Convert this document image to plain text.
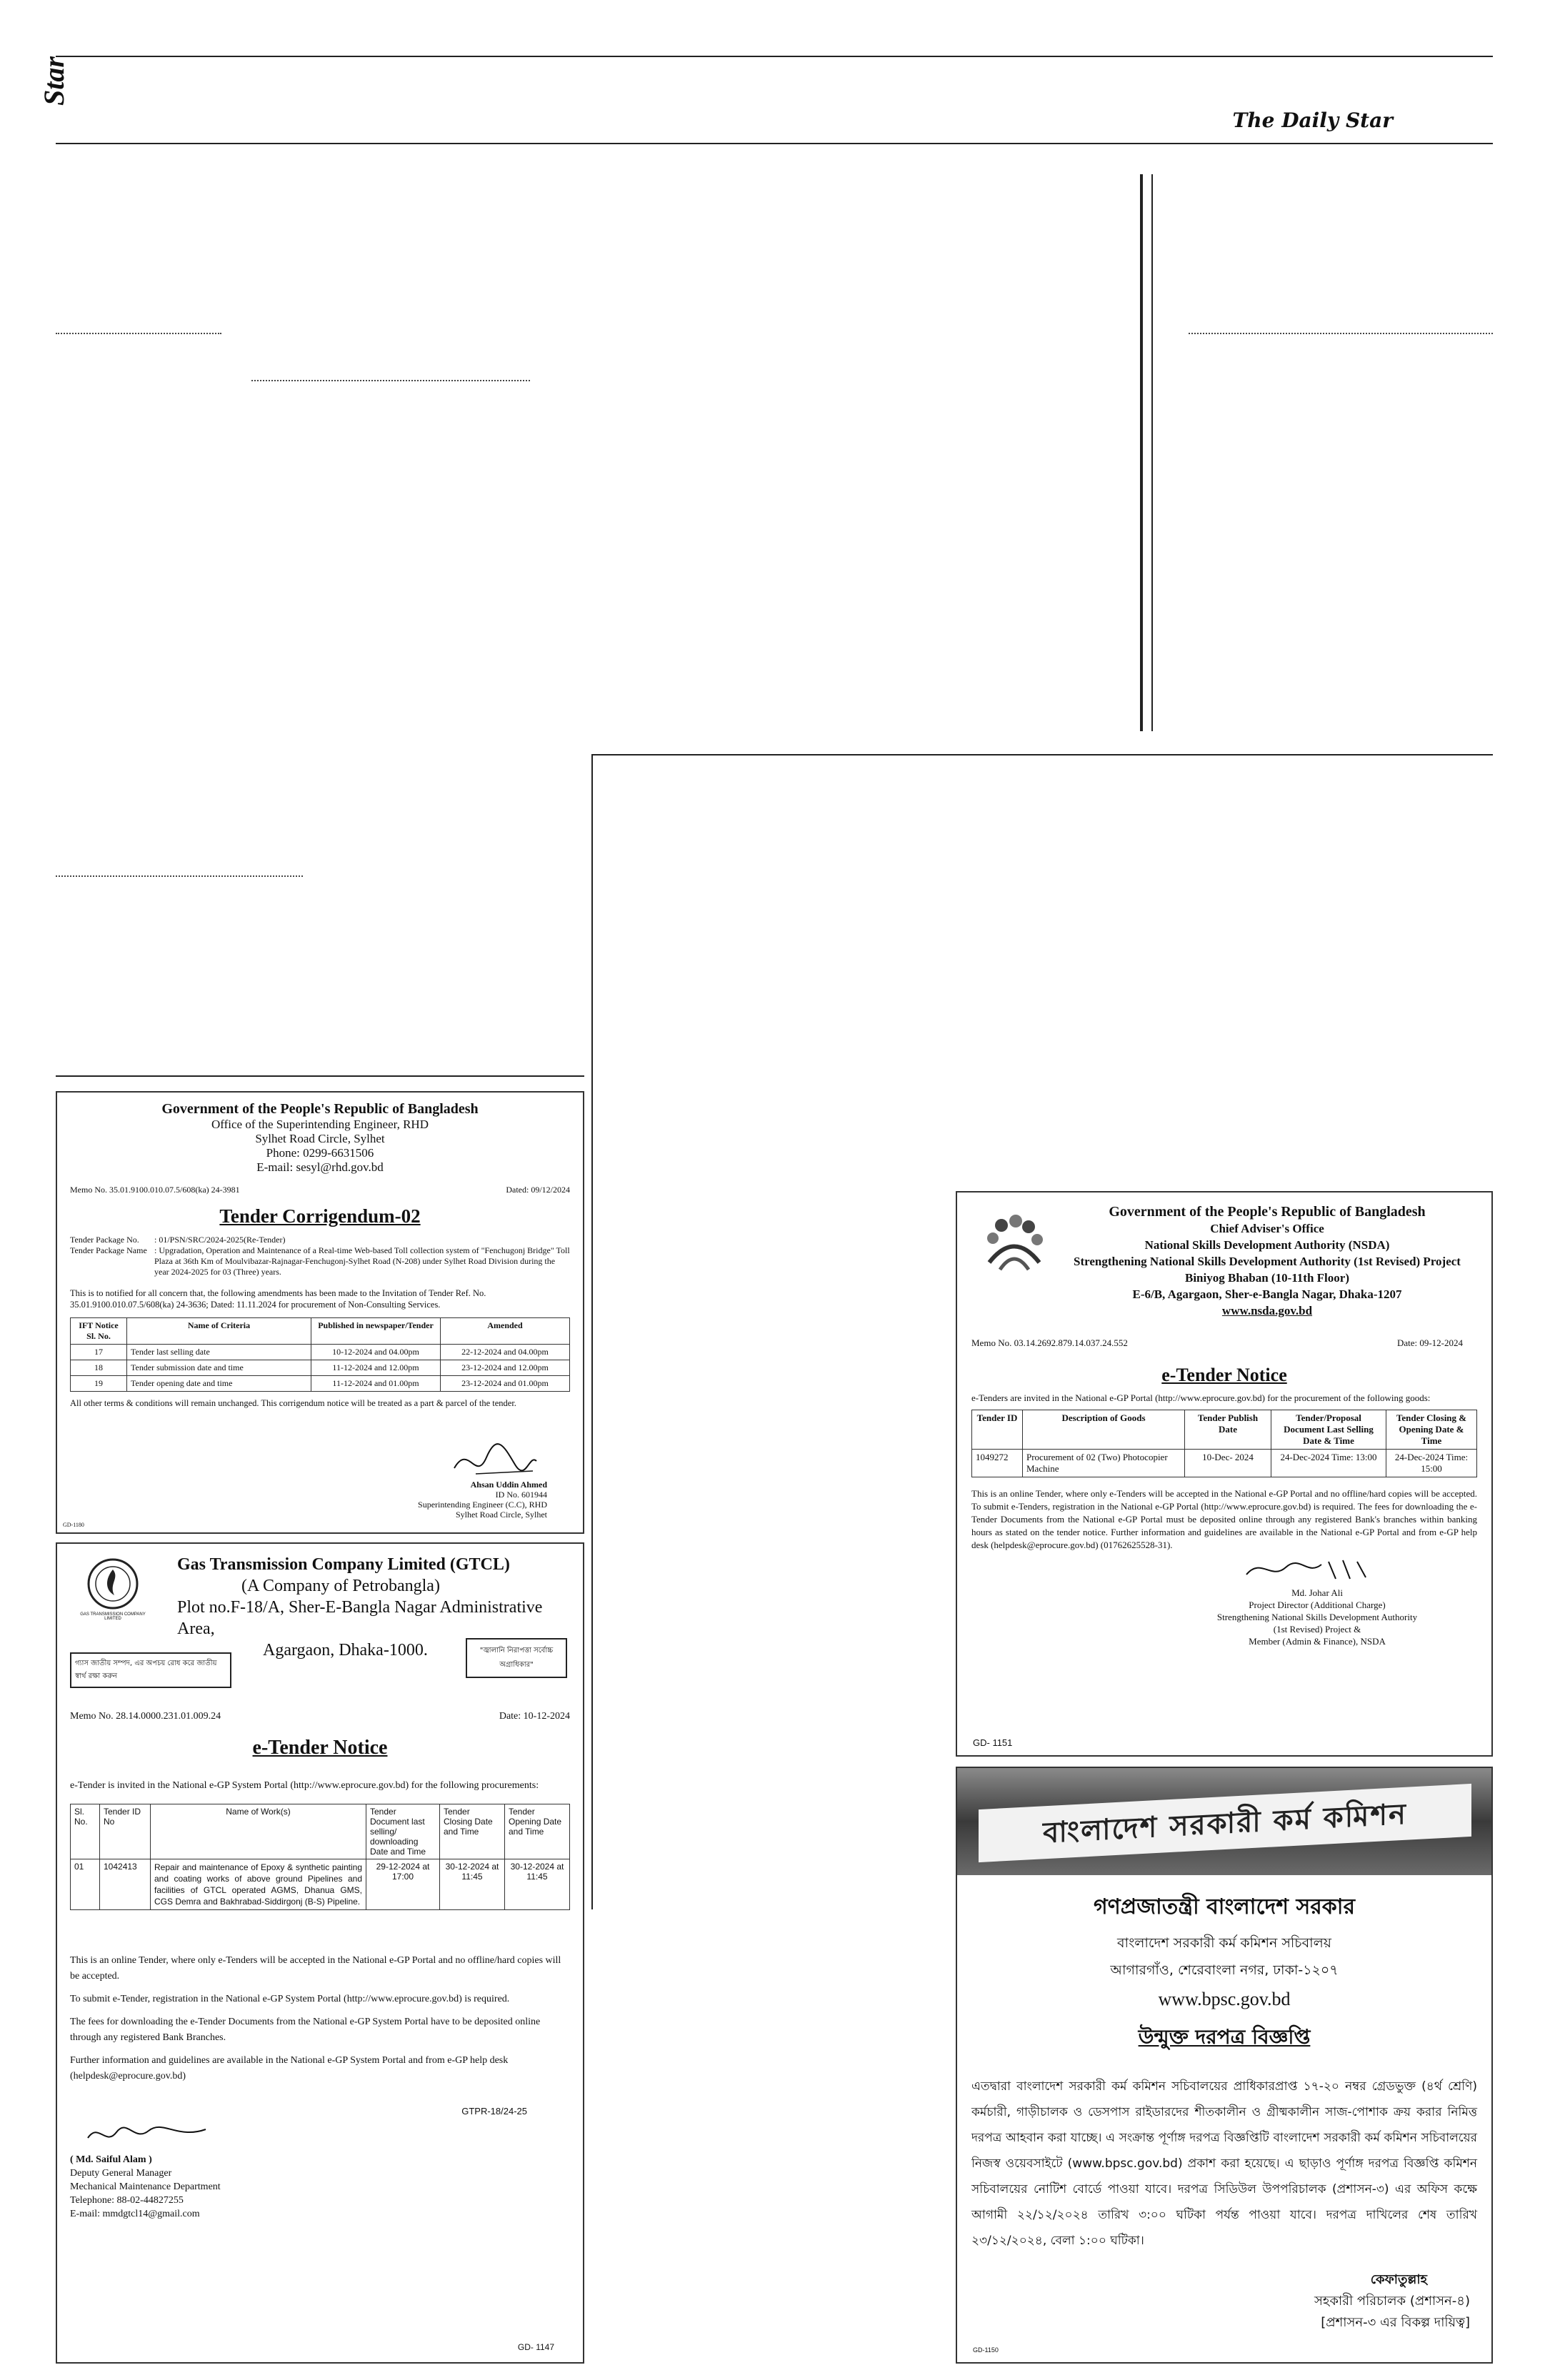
Star
The Daily Star
Government of the People's Republic of Bangladesh
Office of the Superintending Engineer, RHD
Sylhet Road Circle, Sylhet
Phone: 0299-6631506
E-mail: sesyl@rhd.gov.bd
Memo No. 35.01.9100.010.07.5/608(ka) 24-3981	Dated: 09/12/2024
Tender Corrigendum-02
Tender Package No.	: 01/PSN/SRC/2024-2025(Re-Tender)
Tender Package Name : Upgradation, Operation and Maintenance of a Real-time Web-based Toll collection system of "Fenchugonj Bridge" Toll Plaza at 36th Km of Moulvibazar-Rajnagar-Fenchugonj-Sylhet Road (N-208) under Sylhet Road Division during the year 2024-2025 for 03 (Three) years.

This is to notified for all concern that, the following amendments has been made to the Invitation of Tender Ref. No. 35.01.9100.010.07.5/608(ka) 24-3636; Dated: 11.11.2024 for procurement of Non-Consulting Services.

IFT Notice Sl. No.	Name of Criteria	Published in newspaper/Tender	Amended
17	Tender last selling date	10-12-2024 and 04.00pm	22-12-2024 and 04.00pm
18	Tender submission date and time	11-12-2024 and 12.00pm	23-12-2024 and 12.00pm
19	Tender opening date and time	11-12-2024 and 01.00pm	23-12-2024 and 01.00pm

All other terms & conditions will remain unchanged. This corrigendum notice will be treated as a part & parcel of the tender.

Ahsan Uddin Ahmed
ID No. 601944
Superintending Engineer (C.C), RHD
Sylhet Road Circle, Sylhet
GD-1180
GAS TRANSMISSION COMPANY LIMITED
Gas Transmission Company Limited (GTCL)
(A Company of Petrobangla)
Plot no.F-18/A, Sher-E-Bangla Nagar Administrative Area,
Agargaon, Dhaka-1000.
গ্যাস জাতীয় সম্পদ, এর অপচয় রোধ করে জাতীয় স্বার্থ রক্ষা করুন
"জ্বালানি নিরাপত্তা সর্বোচ্চ অগ্রাধিকার"
Memo No. 28.14.0000.231.01.009.24	Date: 10-12-2024
e-Tender Notice

e-Tender is invited in the National e-GP System Portal (http://www.eprocure.gov.bd) for the following procurements:

Sl. No.	Tender ID No	Name of Work(s)	Tender Document last selling/ downloading Date and Time	Tender Closing Date and Time	Tender Opening Date and Time
01	1042413	Repair and maintenance of Epoxy & synthetic painting and coating works of above ground Pipelines and facilities of GTCL operated AGMS, Dhanua GMS, CGS Demra and Bakhrabad-Siddirgonj (B-S) Pipeline.	29-12-2024 at 17:00	30-12-2024 at 11:45	30-12-2024 at 11:45

This is an online Tender, where only e-Tenders will be accepted in the National e-GP Portal and no offline/hard copies will be accepted.

To submit e-Tender, registration in the National e-GP System Portal (http://www.eprocure.gov.bd) is required.

The fees for downloading the e-Tender Documents from the National e-GP System Portal have to be deposited online through any registered Bank Branches.

Further information and guidelines are available in the National e-GP System Portal and from e-GP help desk (helpdesk@eprocure.gov.bd)

GTPR-18/24-25
( Md. Saiful Alam )
Deputy General Manager
Mechanical Maintenance Department
Telephone: 88-02-44827255
E-mail: mmdgtcl14@gmail.com
GD- 1147
Government of the People's Republic of Bangladesh
Chief Adviser's Office
National Skills Development Authority (NSDA)
Strengthening National Skills Development Authority (1st Revised) Project
Biniyog Bhaban (10-11th Floor)
E-6/B, Agargaon, Sher-e-Bangla Nagar, Dhaka-1207
www.nsda.gov.bd
Memo No. 03.14.2692.879.14.037.24.552	Date: 09-12-2024
e-Tender Notice

e-Tenders are invited in the National e-GP Portal (http://www.eprocure.gov.bd) for the procurement of the following goods:

Tender ID	Description of Goods	Tender Publish Date	Tender/Proposal Document Last Selling Date & Time	Tender Closing & Opening Date & Time
1049272	Procurement of 02 (Two) Photocopier Machine	10-Dec- 2024	24-Dec-2024 Time: 13:00	24-Dec-2024 Time: 15:00

This is an online Tender, where only e-Tenders will be accepted in the National e-GP Portal and no offline/hard copies will be accepted. To submit e-Tenders, registration in the National e-GP Portal (http://www.eprocure.gov.bd) is required. The fees for downloading the e-Tender Documents from the National e-GP Portal must be deposited online through any registered Bank's branches within banking hours as stated on the tender notice. Further information and guidelines are available in the National e-GP Portal and from e-GP help desk (helpdesk@eprocure.gov.bd) (01762625528-31).

Md. Johar Ali
Project Director (Additional Charge)
Strengthening National Skills Development Authority
(1st Revised) Project &
Member (Admin & Finance), NSDA
GD- 1151
বাংলাদেশ সরকারী কর্ম কমিশন
গণপ্রজাতন্ত্রী বাংলাদেশ সরকার
বাংলাদেশ সরকারী কর্ম কমিশন সচিবালয়
আগারগাঁও, শেরেবাংলা নগর, ঢাকা-১২০৭
www.bpsc.gov.bd
উন্মুক্ত দরপত্র বিজ্ঞপ্তি

এতদ্বারা বাংলাদেশ সরকারী কর্ম কমিশন সচিবালয়ের প্রাধিকারপ্রাপ্ত ১৭-২০ নম্বর গ্রেডভুক্ত (৪র্থ শ্রেণি) কর্মচারী, গাড়ীচালক ও ডেসপাস রাইডারদের শীতকালীন ও গ্রীষ্মকালীন সাজ-পোশাক ক্রয় করার নিমিত্ত দরপত্র আহবান করা যাচ্ছে। এ সংক্রান্ত পূর্ণাঙ্গ দরপত্র বিজ্ঞপ্তিটি বাংলাদেশ সরকারী কর্ম কমিশন সচিবালয়ের নিজস্ব ওয়েবসাইটে (www.bpsc.gov.bd) প্রকাশ করা হয়েছে। এ ছাড়াও পূর্ণাঙ্গ দরপত্র বিজ্ঞপ্তি কমিশন সচিবালয়ের নোটিশ বোর্ডে পাওয়া যাবে। দরপত্র সিডিউল উপপরিচালক (প্রশাসন-৩) এর অফিস কক্ষে আগামী ২২/১২/২০২৪ তারিখ ৩:০০ ঘটিকা পর্যন্ত পাওয়া যাবে। দরপত্র দাখিলের শেষ তারিখ ২৩/১২/২০২৪, বেলা ১:০০ ঘটিকা।

কেফাতুল্লাহ
সহকারী পরিচালক (প্রশাসন-৪)
[প্রশাসন-৩ এর বিকল্প দায়িত্ব]
GD-1150
